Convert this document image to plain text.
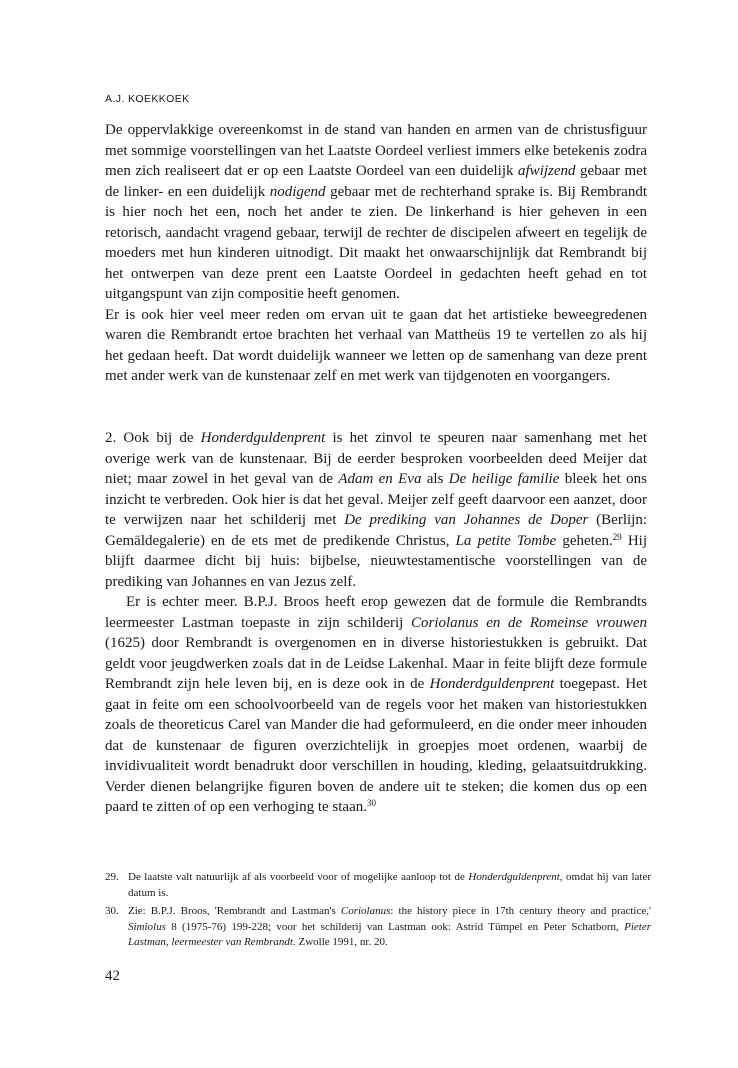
A.J. KOEKKOEK

De oppervlakkige overeenkomst in de stand van handen en armen van de christusfiguur met sommige voorstellingen van het Laatste Oordeel verliest immers elke betekenis zodra men zich realiseert dat er op een Laatste Oordeel van een duidelijk afwijzend gebaar met de linker- en een duidelijk nodigend gebaar met de rechterhand sprake is. Bij Rembrandt is hier noch het een, noch het ander te zien. De linkerhand is hier geheven in een retorisch, aandacht vragend gebaar, terwijl de rechter de discipelen afweert en tegelijk de moeders met hun kinderen uitnodigt. Dit maakt het onwaarschijnlijk dat Rembrandt bij het ontwerpen van deze prent een Laatste Oordeel in gedachten heeft gehad en tot uitgangspunt van zijn compositie heeft genomen.

Er is ook hier veel meer reden om ervan uit te gaan dat het artistieke beweegredenen waren die Rembrandt ertoe brachten het verhaal van Mattheüs 19 te vertellen zo als hij het gedaan heeft. Dat wordt duidelijk wanneer we letten op de samenhang van deze prent met ander werk van de kunstenaar zelf en met werk van tijdgenoten en voorgangers.

2. Ook bij de Honderdguldenprent is het zinvol te speuren naar samenhang met het overige werk van de kunstenaar. Bij de eerder besproken voorbeelden deed Meijer dat niet; maar zowel in het geval van de Adam en Eva als De heilige familie bleek het ons inzicht te verbreden. Ook hier is dat het geval. Meijer zelf geeft daarvoor een aanzet, door te verwijzen naar het schilderij met De prediking van Johannes de Doper (Berlijn: Gemäldegalerie) en de ets met de predikende Christus, La petite Tombe geheten.$^{29}$ Hij blijft daarmee dicht bij huis: bijbelse, nieuwtestamentische voorstellingen van de prediking van Johannes en van Jezus zelf.

Er is echter meer. B.P.J. Broos heeft erop gewezen dat de formule die Rembrandts leermeester Lastman toepaste in zijn schilderij Coriolanus en de Romeinse vrouwen (1625) door Rembrandt is overgenomen en in diverse historiestukken is gebruikt. Dat geldt voor jeugdwerken zoals dat in de Leidse Lakenhal. Maar in feite blijft deze formule Rembrandt zijn hele leven bij, en is deze ook in de Honderdguldenprent toegepast. Het gaat in feite om een schoolvoorbeeld van de regels voor het maken van historiestukken zoals de theoreticus Carel van Mander die had geformuleerd, en die onder meer inhouden dat de kunstenaar de figuren overzichtelijk in groepjes moet ordenen, waarbij de invidivualiteit wordt benadrukt door verschillen in houding, kleding, gelaatsuitdrukking. Verder dienen belangrijke figuren boven de andere uit te steken; die komen dus op een paard te zitten of op een verhoging te staan.$^{30}$

29. De laatste valt natuurlijk af als voorbeeld voor of mogelijke aanloop tot de Honderdguldenprent, omdat hij van later datum is.
30. Zie: B.P.J. Broos, 'Rembrandt and Lastman's Coriolanus: the history piece in 17th century theory and practice,' Simiolus 8 (1975-76) 199-228; voor het schilderij van Lastman ook: Astrid Tümpel en Peter Schatborn, Pieter Lastman, leermeester van Rembrandt. Zwolle 1991, nr. 20.
42
